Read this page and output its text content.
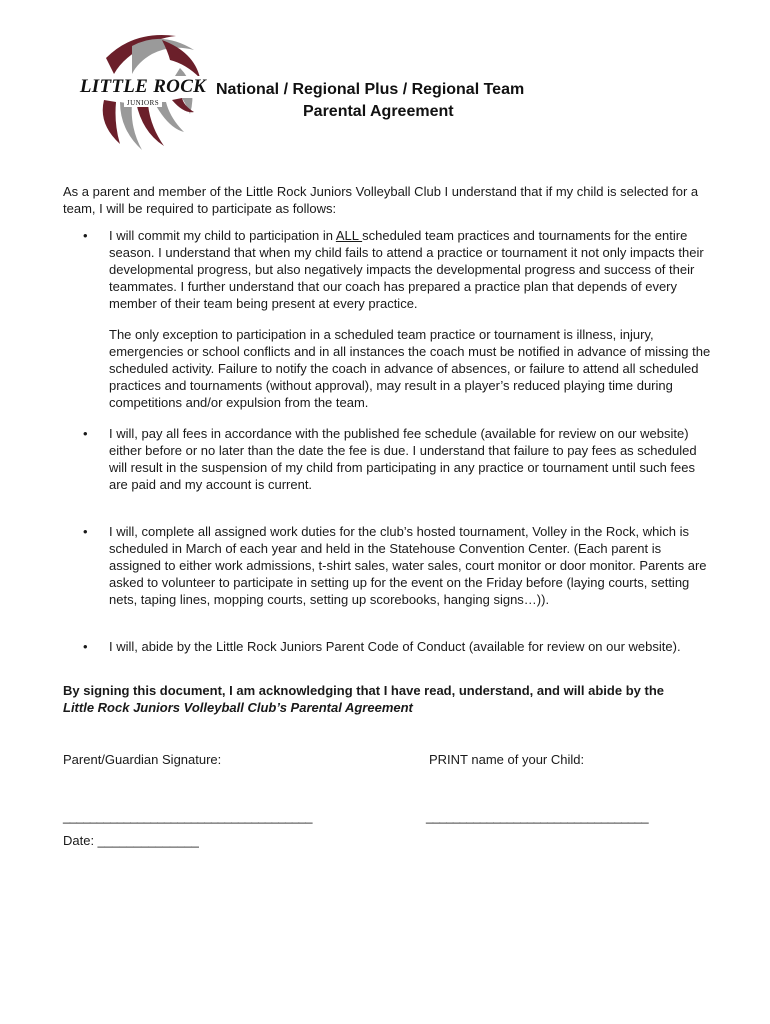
LITTLE ROCK
JUNIORS
National / Regional Plus / Regional Team
Parental Agreement
As a parent and member of the Little Rock Juniors Volleyball Club I understand that if my child is selected for a team, I will be required to participate as follows:
•	I will commit my child to participation in ALL scheduled team practices and tournaments for the entire season. I understand that when my child fails to attend a practice or tournament it not only impacts their developmental progress, but also negatively impacts the developmental progress and success of their teammates. I further understand that our coach has prepared a practice plan that depends of every member of their team being present at every practice.
The only exception to participation in a scheduled team practice or tournament is illness, injury, emergencies or school conflicts and in all instances the coach must be notified in advance of missing the scheduled activity. Failure to notify the coach in advance of absences, or failure to attend all scheduled practices and tournaments (without approval), may result in a player’s reduced playing time during competitions and/or expulsion from the team.
•	I will, pay all fees in accordance with the published fee schedule (available for review on our website) either before or no later than the date the fee is due. I understand that failure to pay fees as scheduled will result in the suspension of my child from participating in any practice or tournament until such fees are paid and my account is current.
•	I will, complete all assigned work duties for the club’s hosted tournament, Volley in the Rock, which is scheduled in March of each year and held in the Statehouse Convention Center. (Each parent is assigned to either work admissions, t-shirt sales, water sales, court monitor or door monitor. Parents are asked to volunteer to participate in setting up for the event on the Friday before (laying courts, setting nets, taping lines, mopping courts, setting up scorebooks, hanging signs…)).
•	I will, abide by the Little Rock Juniors Parent Code of Conduct (available for review on our website).
By signing this document, I am acknowledging that I have read, understand, and will abide by the
Little Rock Juniors Volleyball Club’s Parental Agreement
Parent/Guardian Signature:	PRINT name of your Child:
_____________________________________	_________________________________
Date: ______________
